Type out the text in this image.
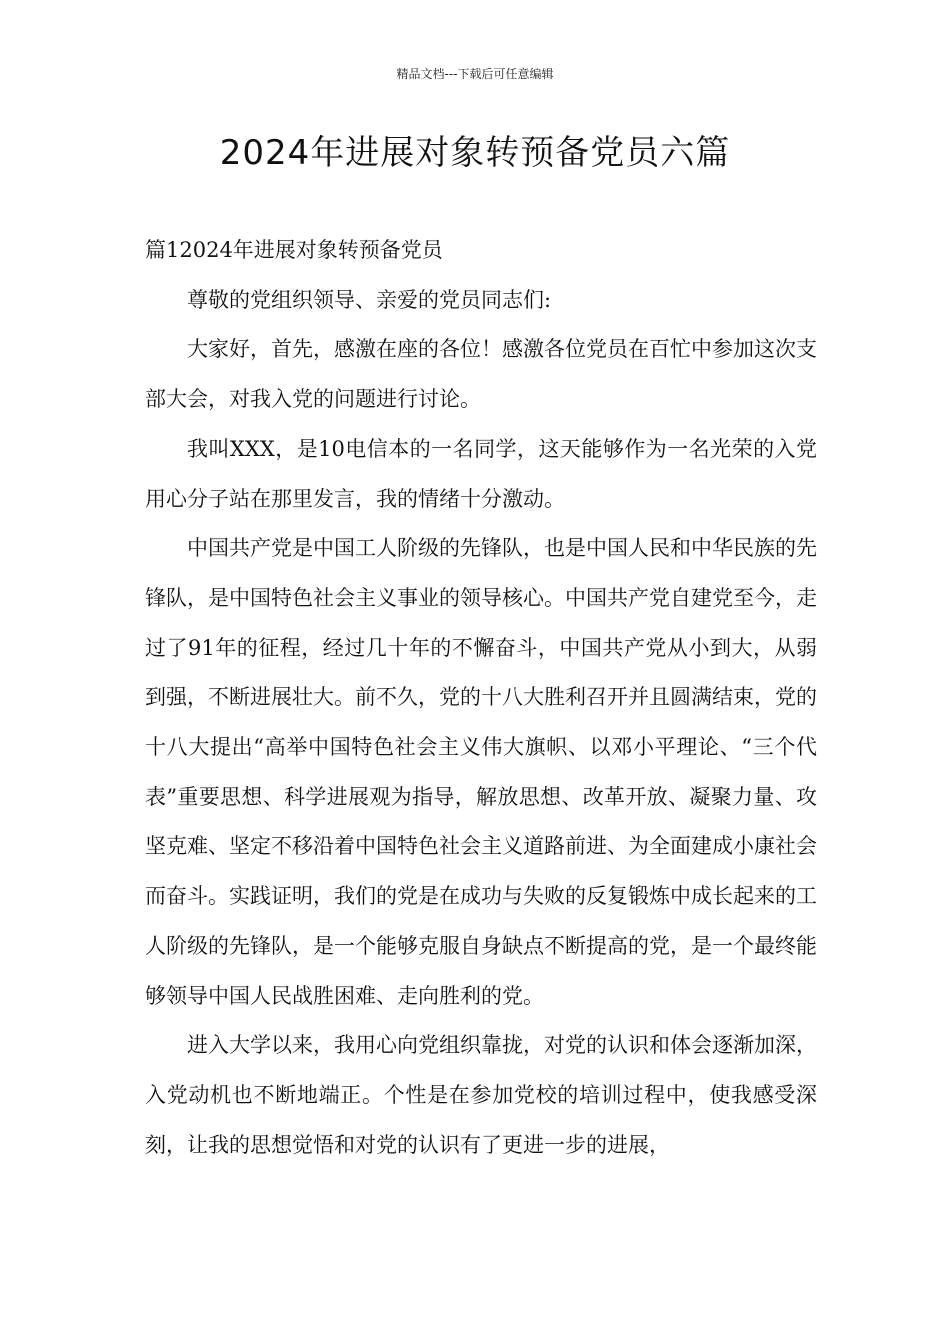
精品文档---下载后可任意编辑
2024年进展对象转预备党员六篇
篇12024年进展对象转预备党员

尊敬的党组织领导、亲爱的党员同志们:

大家好，首先，感激在座的各位！感激各位党员在百忙中参加这次支部大会，对我入党的问题进行讨论。

我叫XXX，是10电信本的一名同学，这天能够作为一名光荣的入党用心分子站在那里发言，我的情绪十分激动。

中国共产党是中国工人阶级的先锋队，也是中国人民和中华民族的先锋队，是中国特色社会主义事业的领导核心。中国共产党自建党至今，走过了91年的征程，经过几十年的不懈奋斗，中国共产党从小到大，从弱到强，不断进展壮大。前不久，党的十八大胜利召开并且圆满结束，党的十八大提出“高举中国特色社会主义伟大旗帜、以邓小平理论、“三个代表”重要思想、科学进展观为指导，解放思想、改革开放、凝聚力量、攻坚克难、坚定不移沿着中国特色社会主义道路前进、为全面建成小康社会而奋斗。实践证明，我们的党是在成功与失败的反复锻炼中成长起来的工人阶级的先锋队，是一个能够克服自身缺点不断提高的党，是一个最终能够领导中国人民战胜困难、走向胜利的党。

进入大学以来，我用心向党组织靠拢，对党的认识和体会逐渐加深，入党动机也不断地端正。个性是在参加党校的培训过程中，使我感受深刻，让我的思想觉悟和对党的认识有了更进一步的进展，
